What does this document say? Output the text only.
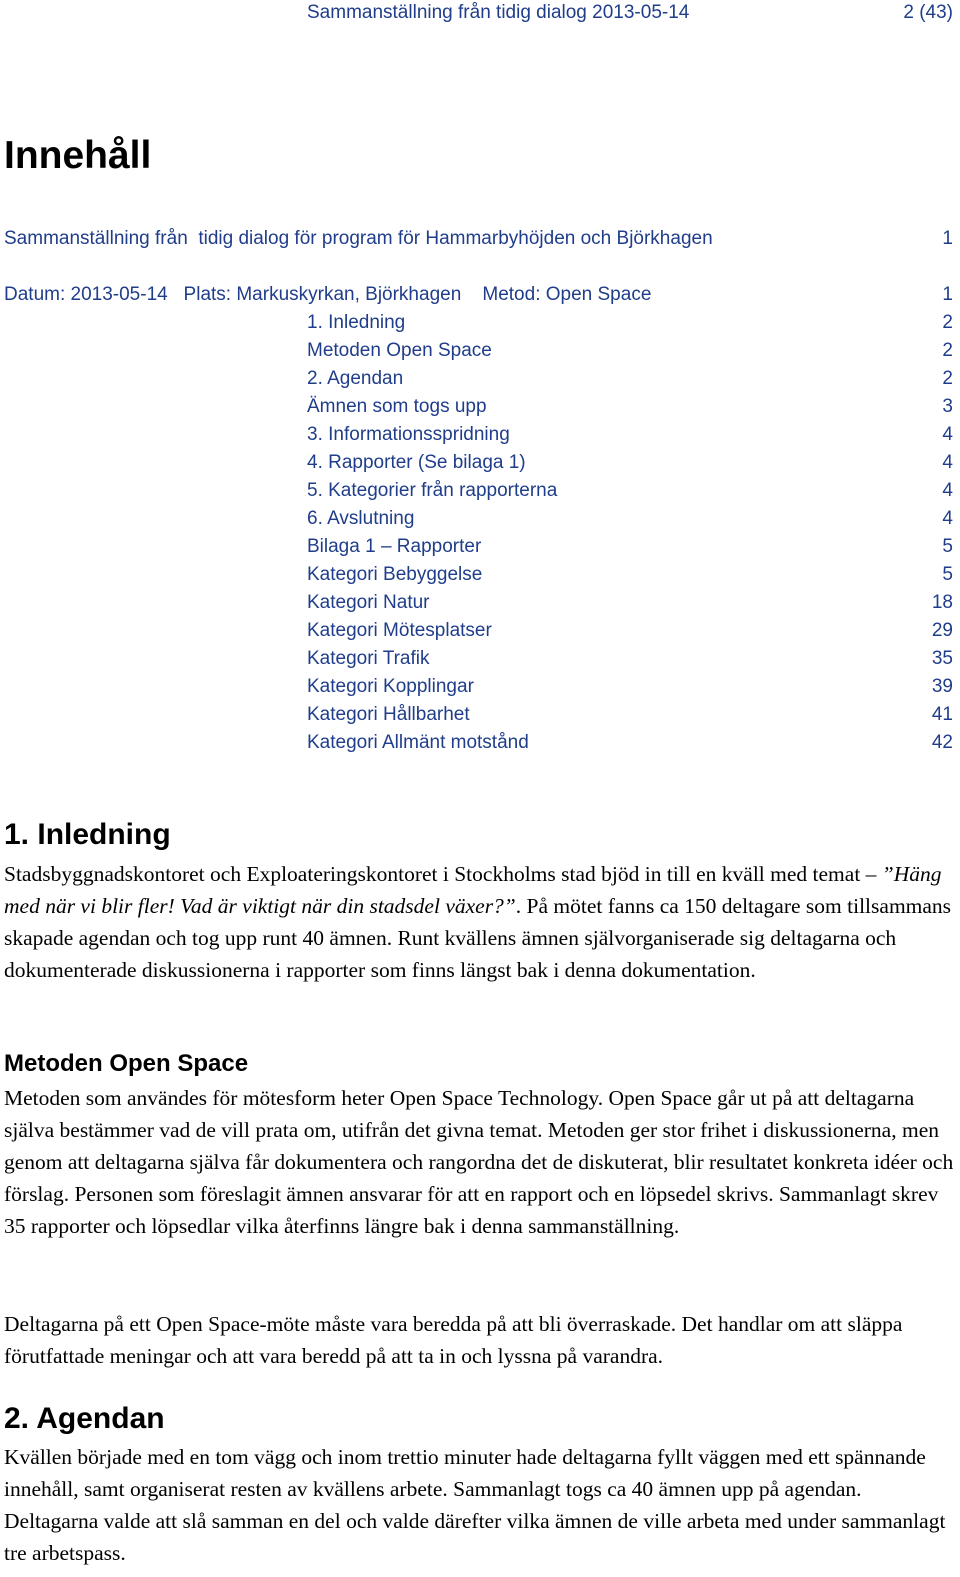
Sammanställning från tidig dialog 2013-05-14	2 (43)
Innehåll
Sammanställning från  tidig dialog för program för Hammarbyhöjden och Björkhagen	1
Datum: 2013-05-14   Plats: Markuskyrkan, Björkhagen    Metod: Open Space	1
1. Inledning	2
Metoden Open Space	2
2. Agendan	2
Ämnen som togs upp	3
3. Informationsspridning	4
4. Rapporter (Se bilaga 1)	4
5. Kategorier från rapporterna	4
6. Avslutning	4
Bilaga 1 – Rapporter	5
Kategori Bebyggelse	5
Kategori Natur	18
Kategori Mötesplatser	29
Kategori Trafik	35
Kategori Kopplingar	39
Kategori Hållbarhet	41
Kategori Allmänt motstånd	42
1. Inledning

Stadsbyggnadskontoret och Exploateringskontoret i Stockholms stad bjöd in till en kväll med temat – ”Häng med när vi blir fler! Vad är viktigt när din stadsdel växer?”. På mötet fanns ca 150 deltagare som tillsammans skapade agendan och tog upp runt 40 ämnen. Runt kvällens ämnen självorganiserade sig deltagarna och dokumenterade diskussionerna i rapporter som finns längst bak i denna dokumentation.

Metoden Open Space

Metoden som användes för mötesform heter Open Space Technology. Open Space går ut på att deltagarna själva bestämmer vad de vill prata om, utifrån det givna temat. Metoden ger stor frihet i diskussionerna, men genom att deltagarna själva får dokumentera och rangordna det de diskuterat, blir resultatet konkreta idéer och förslag. Personen som föreslagit ämnen ansvarar för att en rapport och en löpsedel skrivs. Sammanlagt skrev 35 rapporter och löpsedlar vilka återfinns längre bak i denna sammanställning.

Deltagarna på ett Open Space-möte måste vara beredda på att bli överraskade. Det handlar om att släppa förutfattade meningar och att vara beredd på att ta in och lyssna på varandra.

2. Agendan

Kvällen började med en tom vägg och inom trettio minuter hade deltagarna fyllt väggen med ett spännande innehåll, samt organiserat resten av kvällens arbete. Sammanlagt togs ca 40 ämnen upp på agendan. Deltagarna valde att slå samman en del och valde därefter vilka ämnen de ville arbeta med under sammanlagt tre arbetspass.
